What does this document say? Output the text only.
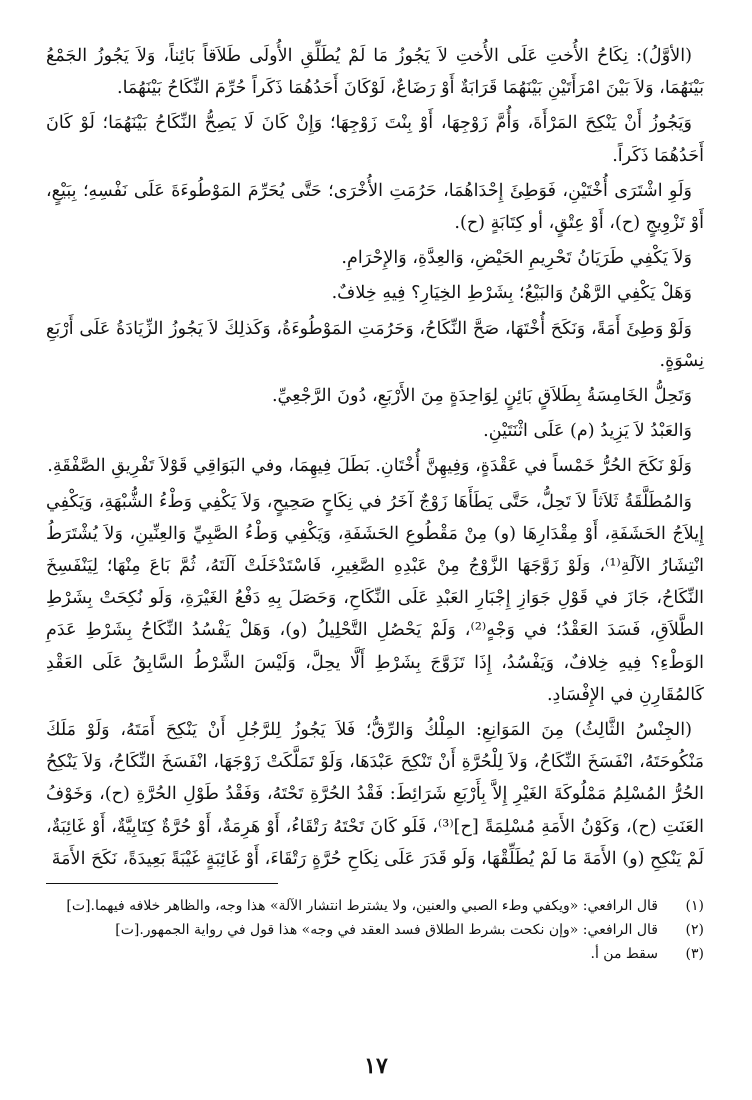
(الأوَّلُ): نِكَاحُ الأُختِ عَلَى الأُختِ لاَ يَجُوزُ مَا لَمْ يُطَلِّقِ الأُولَى طَلاَقاً بَائِناً، وَلاَ يَجُوزُ الجَمْعُ بَيْنَهُمَا، وَلاَ بَيْنَ امْرَأَتَيْنِ بَيْنَهُمَا قَرَابَةٌ أَوْ رَضَاعٌ، لَوْكَانَ أَحَدُهُمَا ذَكَراً حُرِّمَ النِّكَاحُ بَيْنَهُمَا.

وَيَجُوزُ أَنْ يَنْكِحَ المَرْأَةَ، وَأُمَّ زَوْجِهَا، أَوْ بِنْتَ زَوْجِهَا؛ وَإِنْ كَانَ لَا يَصِحُّ النِّكَاحُ بَيْنَهُمَا؛ لَوْ كَانَ أَحَدُهُمَا ذَكَراً.

وَلَوِ اشْتَرَى أُخْتَيْنِ، فَوَطِئَ إِحْدَاهُمَا، حَرُمَتِ الأُخْرَى؛ حَتَّى يُحَرِّمَ المَوْطُوءَةَ عَلَى نَفْسِهِ؛ بِبَيْعٍ، أَوْ تَزْوِيجٍ (ح)، أَوْ عِتْقٍ، أو كِتَابَةٍ (ح).

وَلاَ يَكْفِي طَرَيَانُ تَحْرِيمِ الحَيْضِ، وَالعِدَّةِ، وَالإِحْرَامِ.

وَهَلْ يَكْفِي الرَّهْنُ وَالبَيْعُ؛ بِشَرْطِ الخِيَارِ؟ فِيهِ خِلافٌ.

وَلَوْ وَطِئَ أَمَةً، وَنَكَحَ أُخْتَهَا، صَحَّ النِّكَاحُ، وَحَرُمَتِ المَوْطُوءَةُ، وَكَذلِكَ لاَ يَجُوزُ الزِّيَادَةُ عَلَى أَرْبَعِ نِسْوَةٍ.

وَتَحِلُّ الخَامِسَةُ بِطَلاَقٍ بَائِنٍ لِوَاحِدَةٍ مِنَ الأَرْبَعِ، دُونَ الرَّجْعِيِّ.

وَالعَبْدُ لاَ يَزِيدُ (م) عَلَى اثْنَتَيْنِ.

وَلَوْ نَكَحَ الحُرُّ خَمْساً في عَقْدَةٍ، وَفِيهِنَّ أُخْتَانِ. بَطَلَ فِيهِمَا، وفي البَوَاقِي قَوْلاَ تَفْرِيقِ الصَّفْقَةِ.

وَالمُطَلَّقَةُ ثَلاَثاً لاَ تَحِلُّ، حَتَّى يَطَأَهَا زَوْجٌ آخَرُ في نِكَاحٍ صَحِيحٍ، وَلاَ يَكْفِي وَطْءُ الشُّبْهَةِ، وَيَكْفِي إِيلاَجُ الحَشَفَةِ، أَوْ مِقْدَارِهَا (و) مِنْ مَقْطُوعِ الحَشَفَةِ، وَيَكْفِي وَطْءُ الصَّبِيِّ وَالعِنِّينِ، وَلاَ يُشْتَرَطُ انْتِشَارُ الآلَةِ⁽¹⁾، وَلَوْ زَوَّجَهَا الزَّوْجُ مِنْ عَبْدِهِ الصَّغِيرِ، فَاسْتَدْخَلَتْ آلَتَهُ، ثُمَّ بَاعَ مِنْهَا؛ لِيَنْفَسِخَ النِّكَاحُ، جَازَ في قَوْلِ جَوَازِ إِجْبَارِ العَبْدِ عَلَى النِّكَاحِ، وَحَصَلَ بِهِ دَفْعُ الغَيْرَةِ، وَلَو نُكِحَتْ بِشَرْطِ الطَّلاَقِ، فَسَدَ العَقْدُ؛ في وَجْهٍ⁽²⁾، وَلَمْ يَحْصُلِ التَّحْلِيلُ (و)، وَهَلْ يَفْسُدُ النِّكَاحُ بِشَرْطِ عَدَمِ الوَطْءِ؟ فِيهِ خِلافٌ، وَيَفْسُدُ، إِذَا تَزَوَّجَ بِشَرْطِ أَلَّا يحِلَّ، وَلَيْسَ الشَّرْطُ السَّابِقُ عَلَى العَقْدِ كَالمُقَارِنِ في الإِفْسَادِ.

(الجِنْسُ الثَّالِثُ) مِنَ المَوَانِعِ: المِلْكُ وَالرِّقُّ؛ فَلاَ يَجُوزُ لِلرَّجُلِ أَنْ يَنْكِحَ أَمَتَهُ، وَلَوْ مَلَكَ مَنْكُوحَتَهُ، انْفَسَخَ النِّكَاحُ، وَلاَ لِلْحُرَّةِ أَنْ تَنْكِحَ عَبْدَهَا، وَلَوْ تَمَلَّكَتْ زَوْجَهَا، انْفَسَخَ النِّكَاحُ، وَلاَ يَنْكِحُ الحُرُّ المُسْلِمُ مَمْلُوكَةَ الغَيْرِ إِلاَّ بِأَرْبَعِ شَرَائِطَ: فَقْدُ الحُرَّةِ تَحْتَهُ، وَفَقْدُ طَوْلِ الحُرَّةِ (ح)، وَخَوْفُ العَنَتِ (ح)، وَكَوْنُ الأَمَةِ مُسْلِمَةً [ح]⁽³⁾، فَلَو كَانَ تَحْتَهُ رَتْقَاءُ، أَوْ هَرِمَةٌ، أَوْ حُرَّةٌ كِتَابِيَّةٌ، أَوْ غَائِبَةٌ، لَمْ يَنْكِحِ (و) الأَمَةَ مَا لَمْ يُطَلِّقْهَا، وَلَو قَدَرَ عَلَى نِكَاحِ حُرَّةٍ رَتْقَاءَ، أَوْ غَائِبَةٍ غَيْبَةً بَعِيدَةً، نَكَحَ الأَمَةَ

(١)
قال الرافعي: «ويكفي وطء الصبي والعنين، ولا يشترط انتشار الآلة» هذا وجه، والظاهر خلافه فيهما.[ت]
(٢)
قال الرافعي: «وإن نكحت بشرط الطلاق فسد العقد في وجه» هذا قول في رواية الجمهور.[ت]
(٣)
سقط من أ.
١٧
